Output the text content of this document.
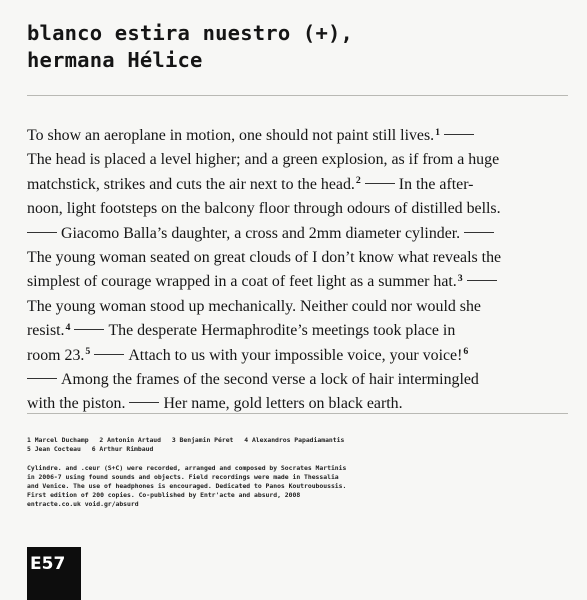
blanco estira nuestro (+),
hermana Hélice
To show an aeroplane in motion, one should not paint still lives.$^1$
The head is placed a level higher; and a green explosion, as if from a huge
matchstick, strikes and cuts the air next to the head.$^2$ In the after-
noon, light footsteps on the balcony floor through odours of distilled bells.
Giacomo Balla’s daughter, a cross and 2mm diameter cylinder.
The young woman seated on great clouds of I don’t know what reveals the
simplest of courage wrapped in a coat of feet light as a summer hat.$^3$
The young woman stood up mechanically. Neither could nor would she
resist.$^4$ The desperate Hermaphrodite’s meetings took place in
room 23.$^5$ Attach to us with your impossible voice, your voice!$^6$
Among the frames of the second verse a lock of hair intermingled
with the piston. Her name, gold letters on black earth.
1 Marcel Duchamp 2 Antonin Artaud 3 Benjamin Péret 4 Alexandros Papadiamantis
5 Jean Cocteau 6 Arthur Rimbaud
Cylindre. and .ceur (S+C) were recorded, arranged and composed by Socrates Martinis
in 2006-7 using found sounds and objects. Field recordings were made in Thessalia
and Venice. The use of headphones is encouraged. Dedicated to Panos Koutrouboussis.
First edition of 200 copies. Co-published by Entr'acte and absurd, 2008
entracte.co.uk void.gr/absurd
E57
